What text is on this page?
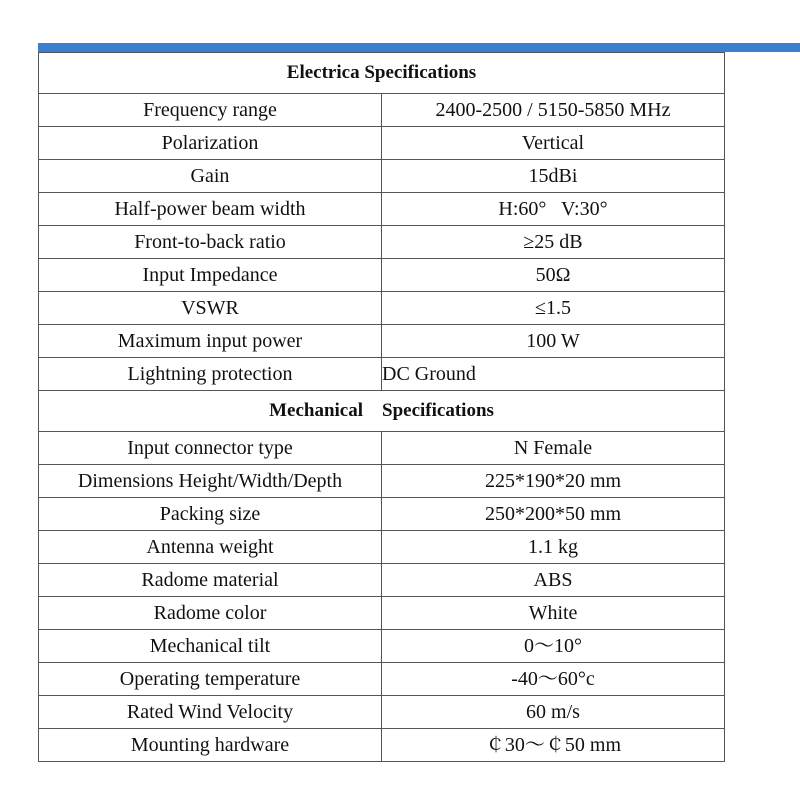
Electrica Specifications	
Frequency range	2400-2500 / 5150-5850 MHz
Polarization	Vertical
Gain	15dBi
Half-power beam width	H:60°   V:30°
Front-to-back ratio	≥25 dB
Input Impedance	50Ω
VSWR	≤1.5
Maximum input power	100 W
Lightning protection	DC Ground
Mechanical    Specifications	
Input connector type	N Female
Dimensions Height/Width/Depth	225*190*20 mm
Packing size	250*200*50 mm
Antenna weight	1.1 kg
Radome material	ABS
Radome color	White
Mechanical tilt	0～10°
Operating temperature	-40～60°c
Rated Wind Velocity	60 m/s
Mounting hardware	￠30～￠50 mm
